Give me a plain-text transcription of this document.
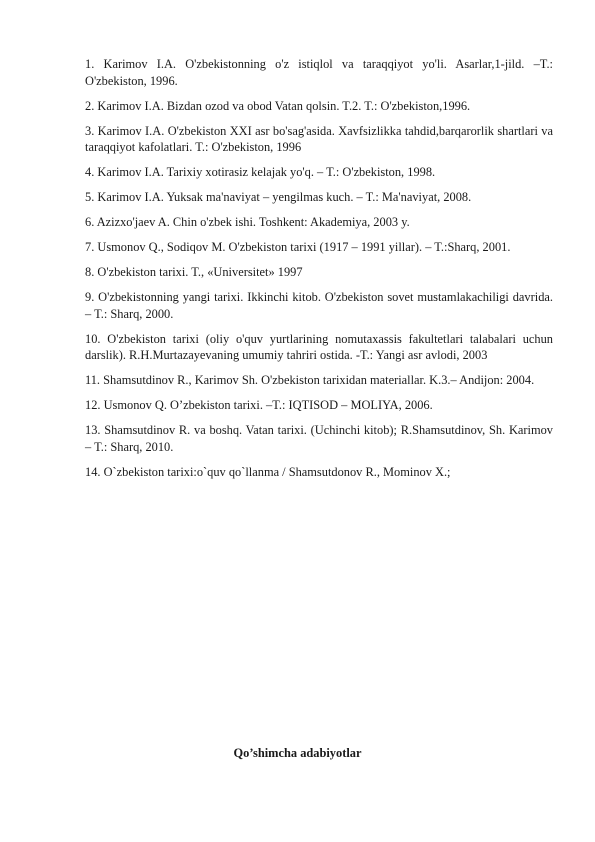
1. Karimov I.A. O'zbekistonning o'z istiqlol va taraqqiyot yo'li. Asarlar,1-jild. –T.: O'zbekiston, 1996.
2. Karimov I.A. Bizdan ozod va obod Vatan qolsin. T.2. T.: O'zbekiston,1996.
3. Karimov I.A. O'zbekiston XXI asr bo'sag'asida. Xavfsizlikka tahdid,barqarorlik shartlari va taraqqiyot kafolatlari. T.: O'zbekiston, 1996
4. Karimov I.A. Tarixiy xotirasiz kelajak yo'q. – T.: O'zbekiston, 1998.
5. Karimov I.A. Yuksak ma'naviyat – yengilmas kuch. – T.: Ma'naviyat, 2008.
6. Azizxo'jaev A. Chin o'zbek ishi. Toshkent: Akademiya, 2003 y.
7. Usmonov Q., Sodiqov M. O'zbekiston tarixi (1917 – 1991 yillar). – T.:Sharq, 2001.
8. O'zbekiston tarixi. T., «Universitet» 1997
9. O'zbekistonning yangi tarixi. Ikkinchi kitob. O'zbekiston sovet mustamlakachiligi davrida. – T.: Sharq, 2000.
10. O'zbekiston tarixi (oliy o'quv yurtlarining nomutaxassis fakultetlari talabalari uchun darslik). R.H.Murtazayevaning umumiy tahriri ostida. -T.: Yangi asr avlodi, 2003
11. Shamsutdinov R., Karimov Sh. O'zbekiston tarixidan materiallar. K.3.– Andijon: 2004.
12. Usmonov Q. O’zbekiston tarixi. –T.: IQTISOD – MOLIYA, 2006.
13. Shamsutdinov R. va boshq. Vatan tarixi. (Uchinchi kitob); R.Shamsutdinov, Sh. Karimov – T.: Sharq, 2010.
14. O`zbekiston tarixi:o`quv qo`llanma / Shamsutdonov R., Mominov X.;
Qo’shimcha adabiyotlar
